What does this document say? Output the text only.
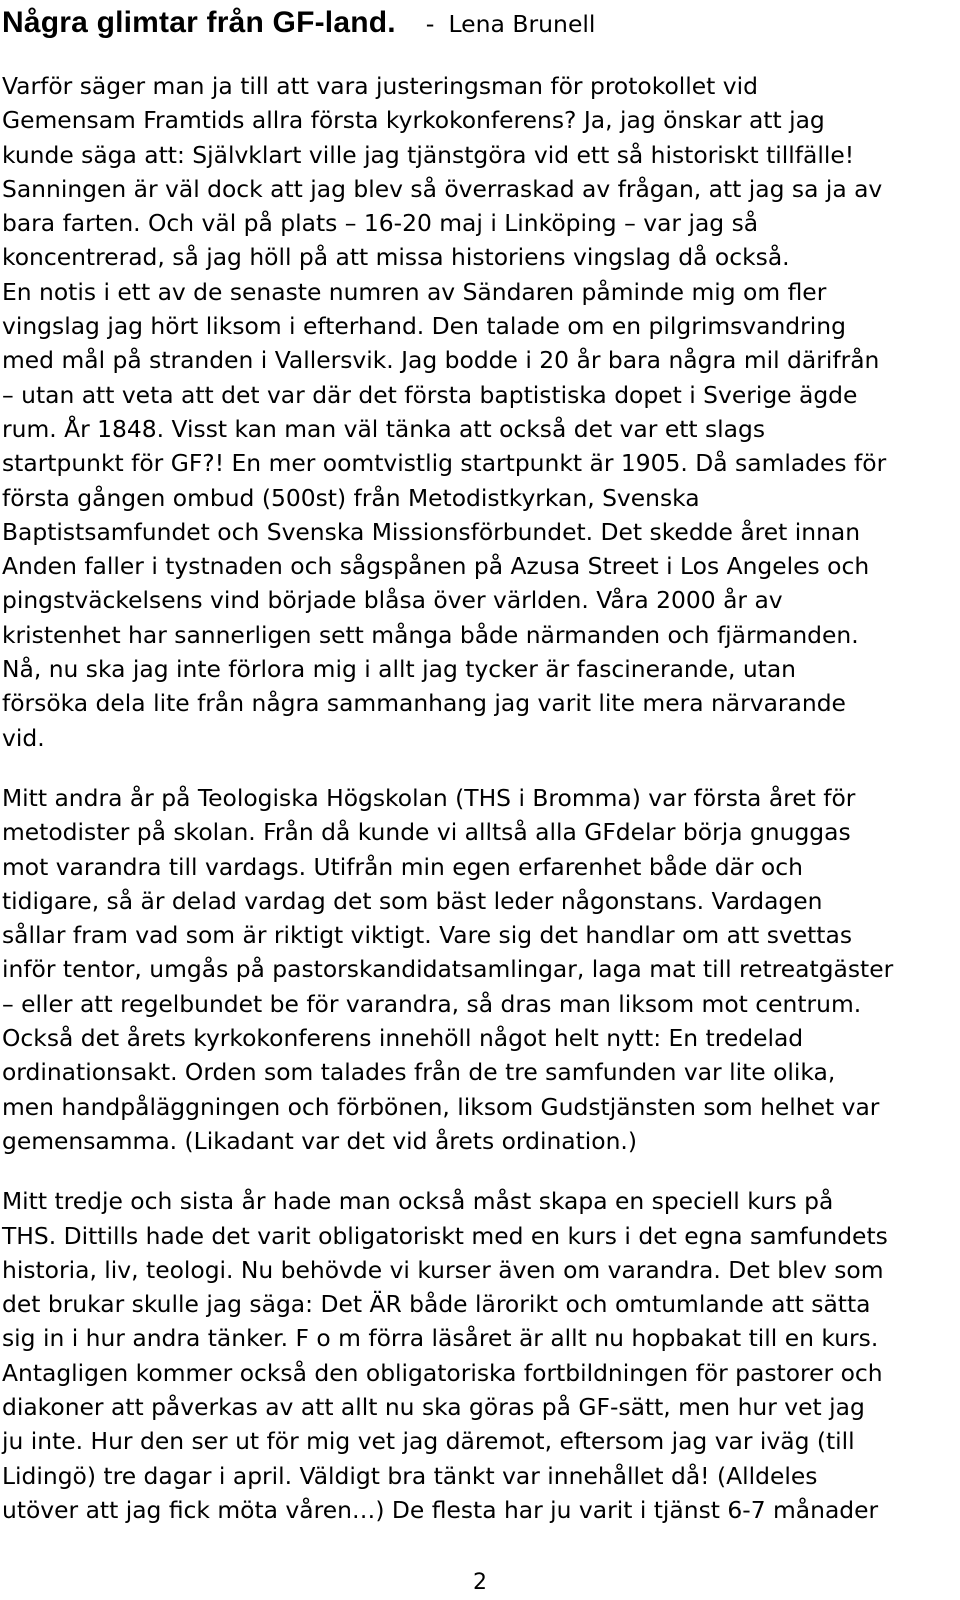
Några glimtar från GF-land. - Lena Brunell

Varför säger man ja till att vara justeringsman för protokollet vid
Gemensam Framtids allra första kyrkokonferens? Ja, jag önskar att jag
kunde säga att: Självklart ville jag tjänstgöra vid ett så historiskt tillfälle!
Sanningen är väl dock att jag blev så överraskad av frågan, att jag sa ja av
bara farten. Och väl på plats – 16-20 maj i Linköping – var jag så
koncentrerad, så jag höll på att missa historiens vingslag då också.
En notis i ett av de senaste numren av Sändaren påminde mig om fler
vingslag jag hört liksom i efterhand. Den talade om en pilgrimsvandring
med mål på stranden i Vallersvik. Jag bodde i 20 år bara några mil därifrån
– utan att veta att det var där det första baptistiska dopet i Sverige ägde
rum. År 1848. Visst kan man väl tänka att också det var ett slags
startpunkt för GF?! En mer oomtvistlig startpunkt är 1905. Då samlades för
första gången ombud (500st) från Metodistkyrkan, Svenska
Baptistsamfundet och Svenska Missionsförbundet. Det skedde året innan
Anden faller i tystnaden och sågspånen på Azusa Street i Los Angeles och
pingstväckelsens vind började blåsa över världen. Våra 2000 år av
kristenhet har sannerligen sett många både närmanden och fjärmanden.
Nå, nu ska jag inte förlora mig i allt jag tycker är fascinerande, utan
försöka dela lite från några sammanhang jag varit lite mera närvarande
vid.

Mitt andra år på Teologiska Högskolan (THS i Bromma) var första året för
metodister på skolan. Från då kunde vi alltså alla GFdelar börja gnuggas
mot varandra till vardags. Utifrån min egen erfarenhet både där och
tidigare, så är delad vardag det som bäst leder någonstans. Vardagen
sållar fram vad som är riktigt viktigt. Vare sig det handlar om att svettas
inför tentor, umgås på pastorskandidatsamlingar, laga mat till retreatgäster
– eller att regelbundet be för varandra, så dras man liksom mot centrum.
Också det årets kyrkokonferens innehöll något helt nytt: En tredelad
ordinationsakt. Orden som talades från de tre samfunden var lite olika,
men handpåläggningen och förbönen, liksom Gudstjänsten som helhet var
gemensamma. (Likadant var det vid årets ordination.)

Mitt tredje och sista år hade man också måst skapa en speciell kurs på
THS. Dittills hade det varit obligatoriskt med en kurs i det egna samfundets
historia, liv, teologi. Nu behövde vi kurser även om varandra. Det blev som
det brukar skulle jag säga: Det ÄR både lärorikt och omtumlande att sätta
sig in i hur andra tänker. F o m förra läsåret är allt nu hopbakat till en kurs.
Antagligen kommer också den obligatoriska fortbildningen för pastorer och
diakoner att påverkas av att allt nu ska göras på GF-sätt, men hur vet jag
ju inte. Hur den ser ut för mig vet jag däremot, eftersom jag var iväg (till
Lidingö) tre dagar i april. Väldigt bra tänkt var innehållet då! (Alldeles
utöver att jag fick möta våren…) De flesta har ju varit i tjänst 6-7 månader

2
